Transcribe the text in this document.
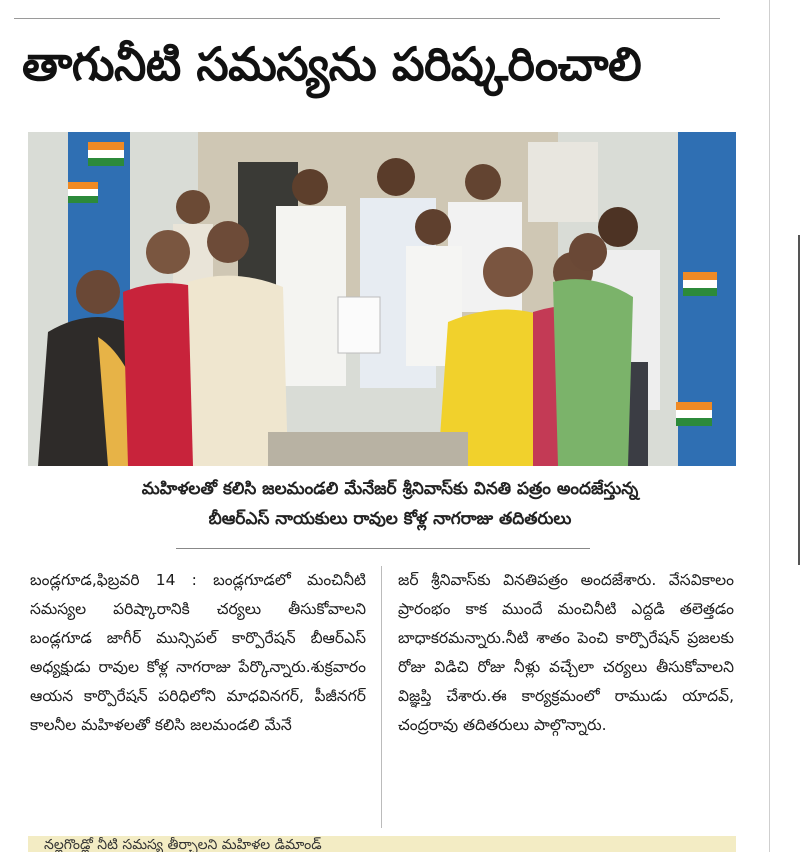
తాగునీటి సమస్యను పరిష్కరించాలి
మహిళలతో కలిసి జలమండలి మేనేజర్ శ్రీనివాస్‌కు వినతి పత్రం అందజేస్తున్న
బీఆర్ఎస్ నాయకులు రావుల కోళ్ల నాగరాజు తదితరులు
బండ్లగూడ,ఫిబ్రవరి 14 : బండ్లగూడలో మంచినీటి సమస్యల పరిష్కారానికి చర్యలు తీసుకోవాలని బండ్లగూడ జాగీర్ మున్సిపల్ కార్పొరేషన్ బీఆర్ఎస్ అధ్యక్షుడు రావుల కోళ్ల నాగరాజు పేర్కొన్నారు.శుక్రవారం ఆయన కార్పొరేషన్ పరిధిలోని మాధవినగర్, పీజీనగర్ కాలనీల మహిళలతో కలిసి జలమండలి మేనే
జర్ శ్రీనివాస్‌కు వినతిపత్రం అందజేశారు. వేసవికాలం ప్రారంభం కాక ముందే మంచినీటి ఎద్దడి తలెత్తడం బాధాకరమన్నారు.నీటి శాతం పెంచి కార్పొరేషన్ ప్రజలకు రోజు విడిచి రోజు నీళ్లు వచ్చేలా చర్యలు తీసుకోవాలని విజ్ఞప్తి చేశారు.ఈ కార్యక్రమంలో రాముడు యాదవ్, చంద్రరావు తదితరులు పాల్గొన్నారు.
నల్లగొండ్లో నీటి సమస్య తీర్చాలని మహిళల డిమాండ్
